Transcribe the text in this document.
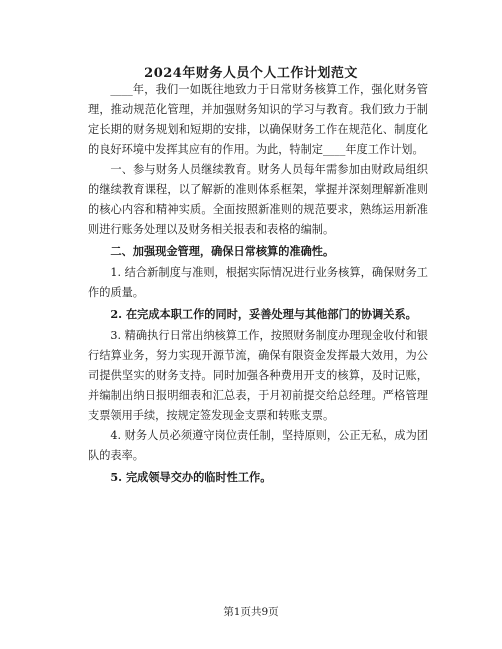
2024年财务人员个人工作计划范文

____年，我们一如既往地致力于日常财务核算工作，强化财务管理，推动规范化管理，并加强财务知识的学习与教育。我们致力于制定长期的财务规划和短期的安排，以确保财务工作在规范化、制度化的良好环境中发挥其应有的作用。为此，特制定____年度工作计划。

一、参与财务人员继续教育。财务人员每年需参加由财政局组织的继续教育课程，以了解新的准则体系框架，掌握并深刻理解新准则的核心内容和精神实质。全面按照新准则的规范要求，熟练运用新准则进行账务处理以及财务相关报表和表格的编制。

二、加强现金管理，确保日常核算的准确性。

1. 结合新制度与准则，根据实际情况进行业务核算，确保财务工作的质量。

2. 在完成本职工作的同时，妥善处理与其他部门的协调关系。

3. 精确执行日常出纳核算工作，按照财务制度办理现金收付和银行结算业务，努力实现开源节流，确保有限资金发挥最大效用，为公司提供坚实的财务支持。同时加强各种费用开支的核算，及时记账，并编制出纳日报明细表和汇总表，于月初前提交给总经理。严格管理支票领用手续，按规定签发现金支票和转账支票。

4. 财务人员必须遵守岗位责任制，坚持原则，公正无私，成为团队的表率。

5. 完成领导交办的临时性工作。

第1页共9页
